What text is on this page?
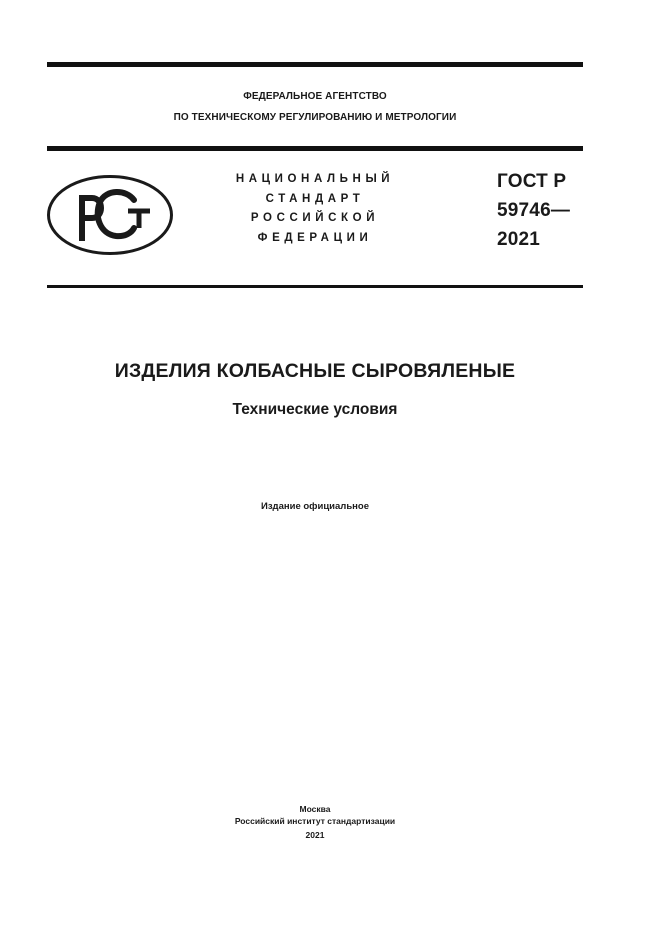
ФЕДЕРАЛЬНОЕ АГЕНТСТВО
ПО ТЕХНИЧЕСКОМУ РЕГУЛИРОВАНИЮ И МЕТРОЛОГИИ
НАЦИОНАЛЬНЫЙ
СТАНДАРТ
РОССИЙСКОЙ
ФЕДЕРАЦИИ
ГОСТ Р
59746—
2021
ИЗДЕЛИЯ КОЛБАСНЫЕ СЫРОВЯЛЕНЫЕ
Технические условия
Издание официальное
Москва
Российский институт стандартизации
2021
